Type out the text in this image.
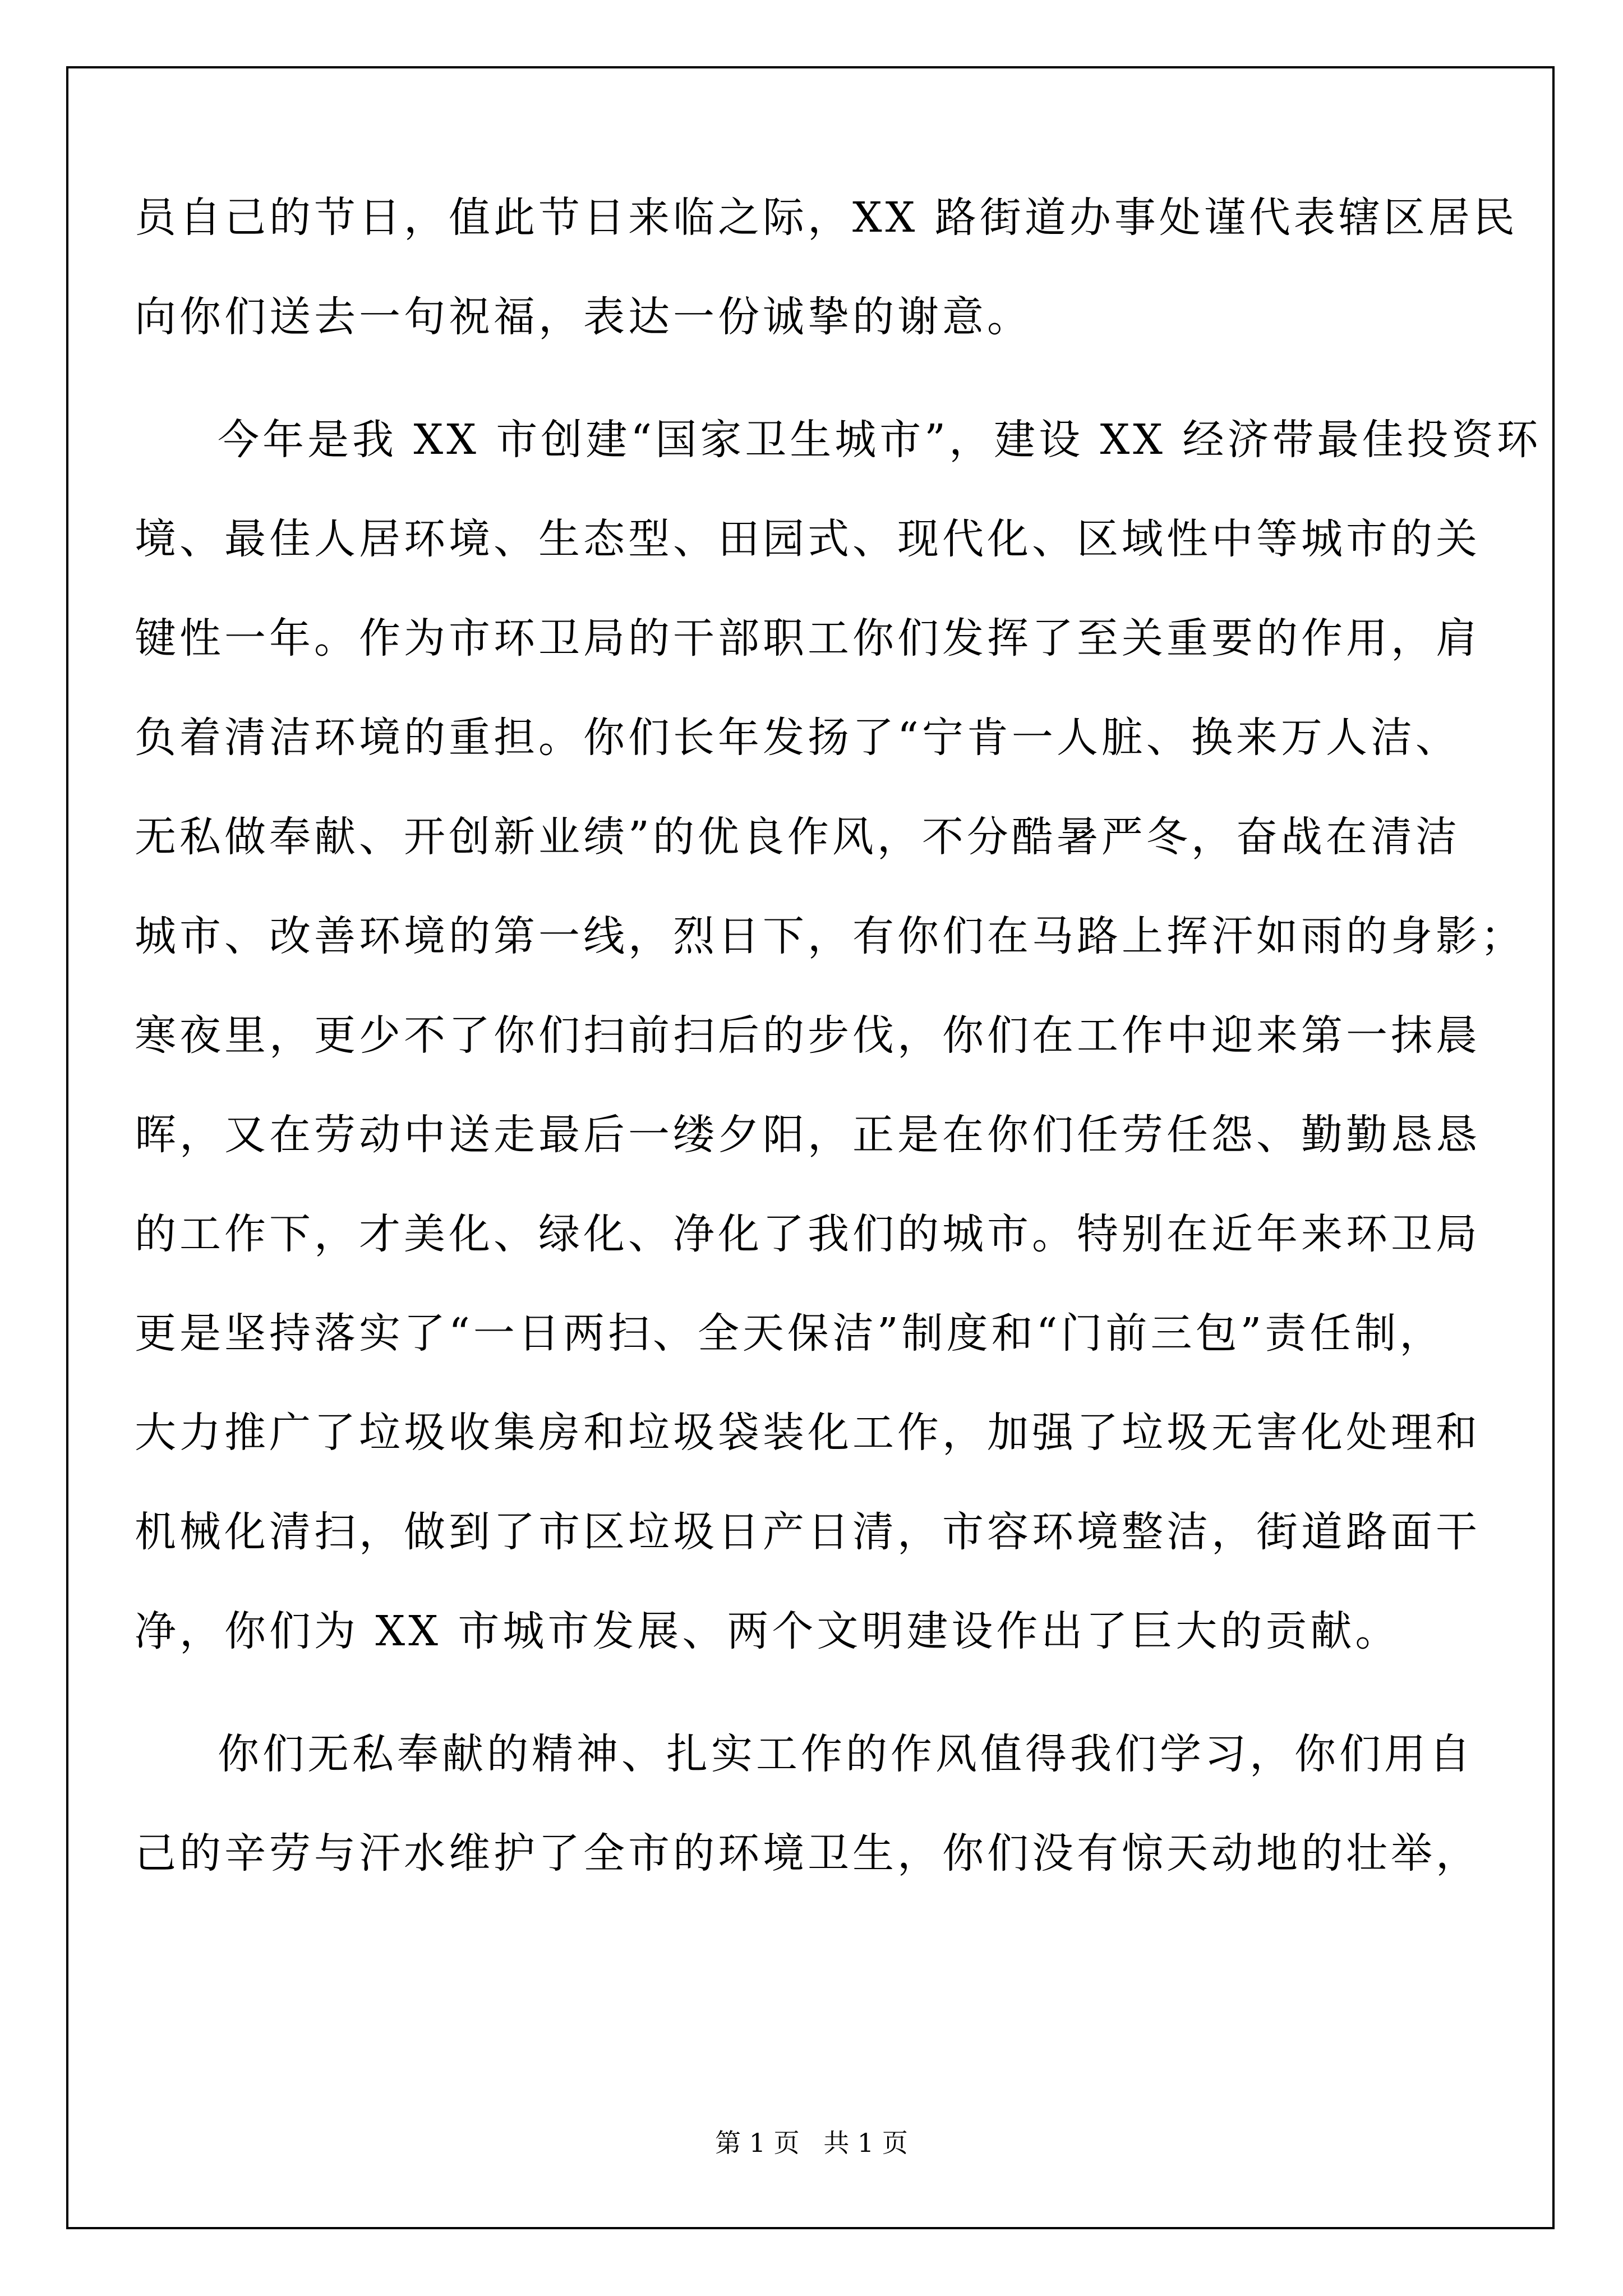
员自己的节日，值此节日来临之际，XX 路街道办事处谨代表辖区居民
向你们送去一句祝福，表达一份诚挚的谢意。
今年是我 XX 市创建“国家卫生城市”，建设 XX 经济带最佳投资环
境、最佳人居环境、生态型、田园式、现代化、区域性中等城市的关
键性一年。作为市环卫局的干部职工你们发挥了至关重要的作用，肩
负着清洁环境的重担。你们长年发扬了“宁肯一人脏、换来万人洁、
无私做奉献、开创新业绩”的优良作风，不分酷暑严冬，奋战在清洁
城市、改善环境的第一线，烈日下，有你们在马路上挥汗如雨的身影；
寒夜里，更少不了你们扫前扫后的步伐，你们在工作中迎来第一抹晨
晖，又在劳动中送走最后一缕夕阳，正是在你们任劳任怨、勤勤恳恳
的工作下，才美化、绿化、净化了我们的城市。特别在近年来环卫局
更是坚持落实了“一日两扫、全天保洁”制度和“门前三包”责任制，
大力推广了垃圾收集房和垃圾袋装化工作，加强了垃圾无害化处理和
机械化清扫，做到了市区垃圾日产日清，市容环境整洁，街道路面干
净，你们为 XX 市城市发展、两个文明建设作出了巨大的贡献。
你们无私奉献的精神、扎实工作的作风值得我们学习，你们用自
己的辛劳与汗水维护了全市的环境卫生，你们没有惊天动地的壮举，
第 1 页 共 1 页
